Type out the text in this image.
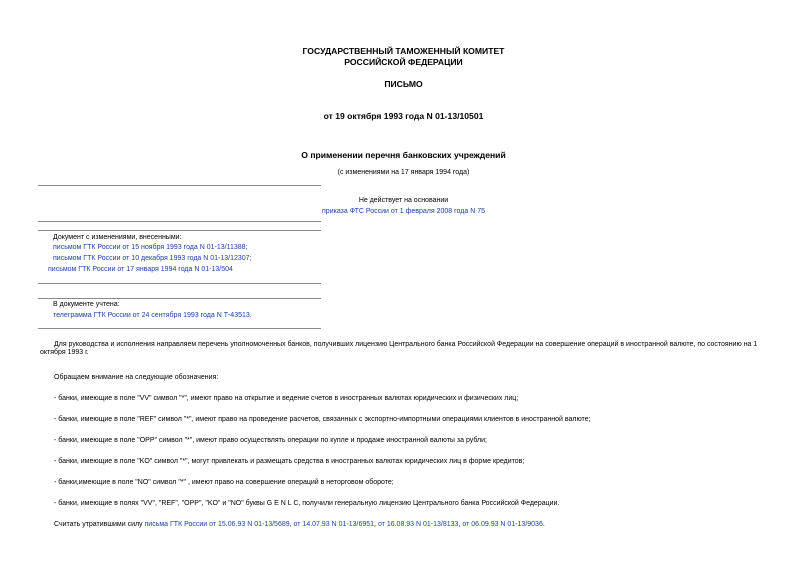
ГОСУДАРСТВЕННЫЙ ТАМОЖЕННЫЙ КОМИТЕТ
РОССИЙСКОЙ ФЕДЕРАЦИИ
ПИСЬМО
от 19 октября 1993 года N 01-13/10501
О применении перечня банковских учреждений
(с изменениями на 17 января 1994 года)
Не действует на основании
приказа ФТС России от 1 февраля 2008 года N 75
Документ с изменениями, внесенными:
письмом ГТК России от 15 ноября 1993 года N 01-13/11388;
письмом ГТК России от 10 декабря 1993 года N 01-13/12307;
письмом ГТК России от 17 января 1994 года N 01-13/504
В документе учтена:
телеграмма ГТК России от 24 сентября 1993 года N Т-43513.
Для руководства и исполнения направляем перечень уполномоченных банков, получивших лицензию Центрального банка Российской Федерации на совершение операций в иностранной валюте, по состоянию на 1 октября 1993 г.
Обращаем внимание на следующие обозначения:
- банки, имеющие в поле "VV" символ "*", имеют право на открытие и ведение счетов в иностранных валютах юридических и физических лиц;
- банки, имеющие в поле "REF" символ "*", имеют право на проведение расчетов, связанных с экспортно-импортными операциями клиентов в иностранной валюте;
- банки, имеющие в поле "OPP" символ "*", имеют право осуществлять операции по купле и продаже иностранной валюты за рубли;
- банки, имеющие в поле "KO" символ "*", могут привлекать и размещать средства в иностранных валютах юридических лиц в форме кредитов;
- банки,имеющие в поле "NO" символ "*" , имеют право на совершение операций в неторговом обороте;
- банки, имеющие в полях "VV", "REF", "OPP", "KO" и "NO" буквы G E N L C, получили генеральную лицензию Центрального банка Российской Федерации.
Считать утратившими силу письма ГТК России от 15.06.93 N 01-13/5689, от 14.07.93 N 01-13/6951, от 16.08.93 N 01-13/8133, от 06.09.93 N 01-13/9036.
